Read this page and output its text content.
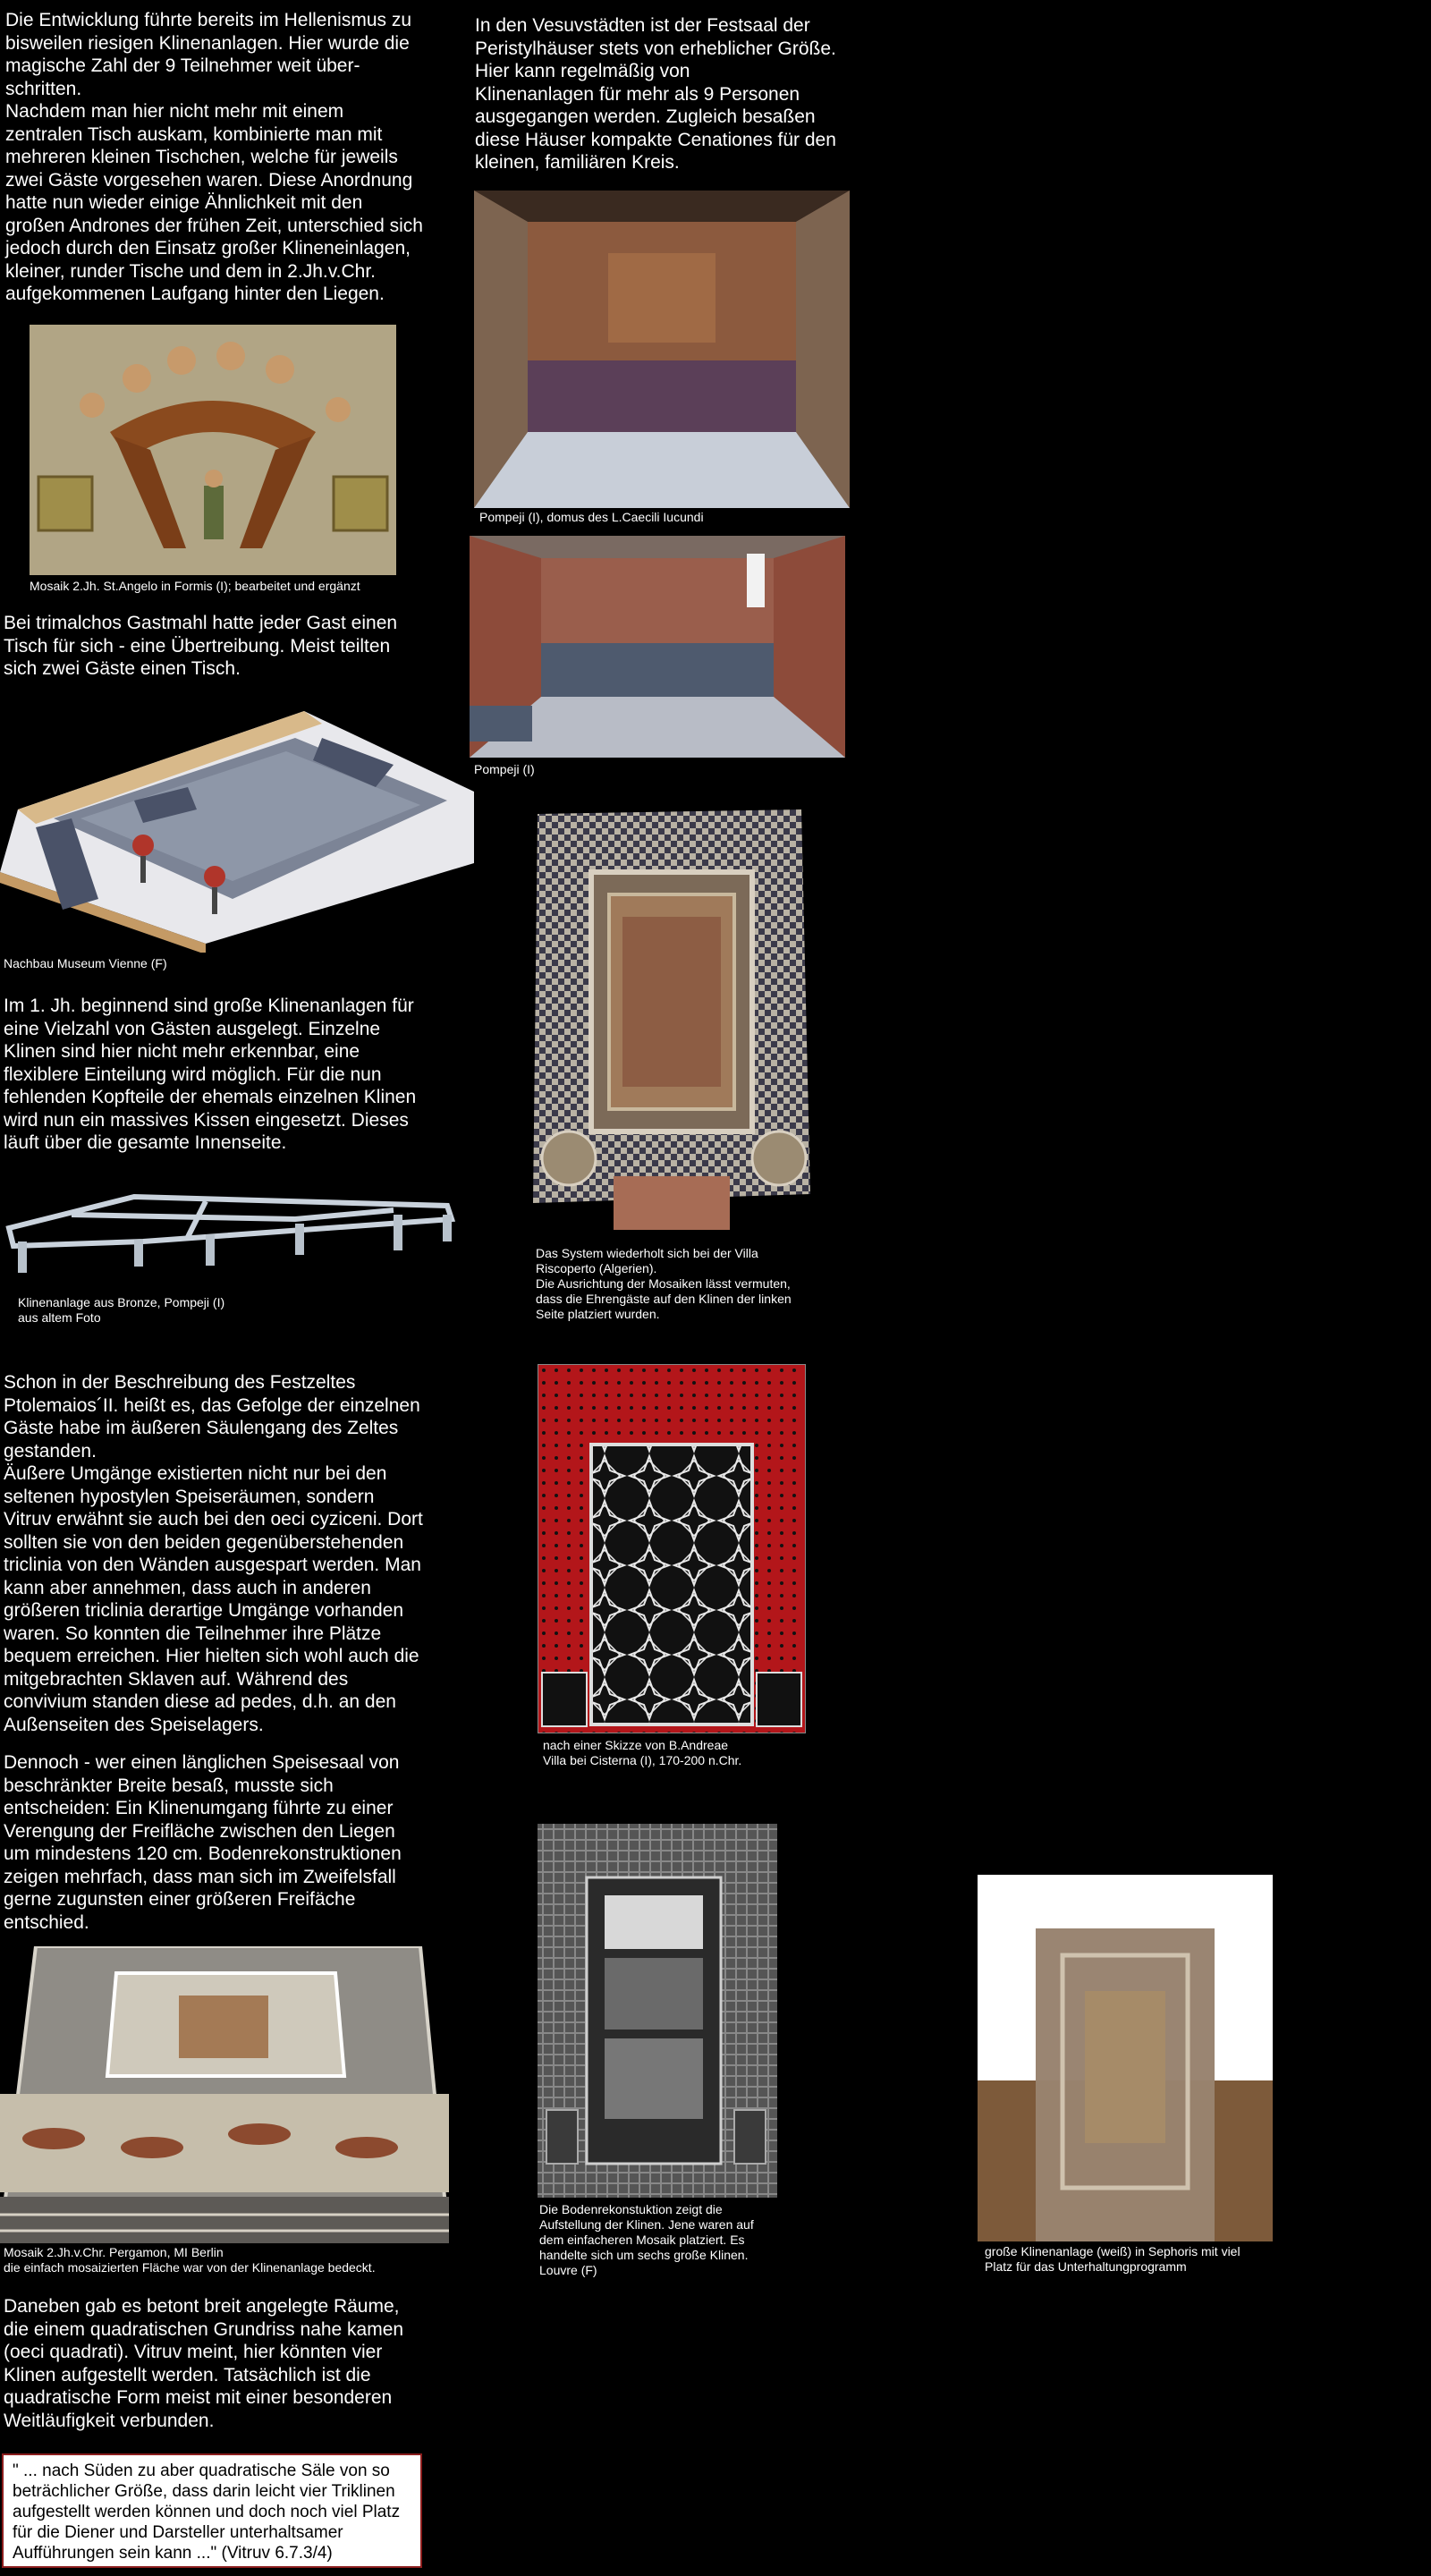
Die Entwicklung führte bereits im Hellenismus zu
bisweilen riesigen Klinenanlagen. Hier wurde die
magische Zahl der 9 Teilnehmer weit über-
schritten.
Nachdem man hier nicht mehr mit einem
zentralen Tisch auskam, kombinierte man mit
mehreren kleinen Tischchen, welche für jeweils
zwei Gäste vorgesehen waren. Diese Anordnung
hatte nun wieder einige Ähnlichkeit mit den
großen Andrones der frühen Zeit, unterschied sich
jedoch durch den Einsatz großer Klineneinlagen,
kleiner, runder Tische und dem in 2.Jh.v.Chr.
aufgekommenen Laufgang hinter den Liegen.
Mosaik 2.Jh. St.Angelo in Formis (I); bearbeitet und ergänzt
Bei trimalchos Gastmahl hatte jeder Gast einen
Tisch für sich - eine Übertreibung. Meist teilten
sich zwei Gäste einen Tisch.
Nachbau Museum Vienne (F)
Im 1. Jh. beginnend sind große Klinenanlagen für
eine Vielzahl von Gästen ausgelegt. Einzelne
Klinen sind hier nicht mehr erkennbar, eine
flexiblere Einteilung wird möglich. Für die nun
fehlenden Kopfteile der ehemals einzelnen Klinen
wird nun ein massives Kissen eingesetzt. Dieses
läuft über die gesamte Innenseite.
Klinenanlage aus Bronze, Pompeji (I)
aus altem Foto
Schon in der Beschreibung des Festzeltes
Ptolemaios´II. heißt es, das Gefolge der einzelnen
Gäste habe im äußeren Säulengang des Zeltes
gestanden.
Äußere Umgänge existierten nicht nur bei den
seltenen hypostylen Speiseräumen, sondern
Vitruv erwähnt sie auch bei den oeci cyziceni. Dort
sollten sie von den beiden gegenüberstehenden
triclinia von den Wänden ausgespart werden. Man
kann aber annehmen, dass auch in anderen
größeren triclinia derartige Umgänge vorhanden
waren. So konnten die Teilnehmer ihre Plätze
bequem erreichen. Hier hielten sich wohl auch die
mitgebrachten Sklaven auf. Während des
convivium standen diese ad pedes, d.h. an den
Außenseiten des Speiselagers.
Dennoch - wer einen länglichen Speisesaal von
beschränkter Breite besaß, musste sich
entscheiden: Ein Klinenumgang führte zu einer
Verengung der Freifläche zwischen den Liegen
um mindestens 120 cm. Bodenrekonstruktionen
zeigen mehrfach, dass man sich im Zweifelsfall
gerne zugunsten einer größeren Freifäche
entschied.
Mosaik 2.Jh.v.Chr. Pergamon, MI Berlin
die einfach mosaizierten Fläche war von der Klinenanlage bedeckt.
Daneben gab es betont breit angelegte Räume,
die einem quadratischen Grundriss nahe kamen
(oeci quadrati). Vitruv meint, hier könnten vier
Klinen aufgestellt werden. Tatsächlich ist die
quadratische Form meist mit einer besonderen
Weitläufigkeit verbunden.
" ... nach Süden zu aber quadratische Säle von so
beträchlicher Größe, dass darin leicht vier Triklinen
aufgestellt werden können und doch noch viel Platz
für die Diener und Darsteller unterhaltsamer
Aufführungen sein kann ..." (Vitruv 6.7.3/4)
In den Vesuvstädten ist der Festsaal der
Peristylhäuser stets von erheblicher Größe.
Hier kann regelmäßig von
Klinenanlagen für mehr als 9 Personen
ausgegangen werden. Zugleich besaßen
diese Häuser kompakte Cenationes für den
kleinen, familiären Kreis.
Pompeji (I), domus des L.Caecili Iucundi
Pompeji (I)
Das System wiederholt sich bei der Villa
Riscoperto (Algerien).
Die Ausrichtung der Mosaiken lässt vermuten,
dass die Ehrengäste auf den Klinen der linken
Seite platziert wurden.
nach einer Skizze von B.Andreae
Villa bei Cisterna (I), 170-200 n.Chr.
Die Bodenrekonstuktion zeigt die
Aufstellung der Klinen. Jene waren auf
dem einfacheren Mosaik platziert. Es
handelte sich um sechs große Klinen.
Louvre (F)
große Klinenanlage (weiß) in Sephoris mit viel
Platz für das Unterhaltungprogramm
